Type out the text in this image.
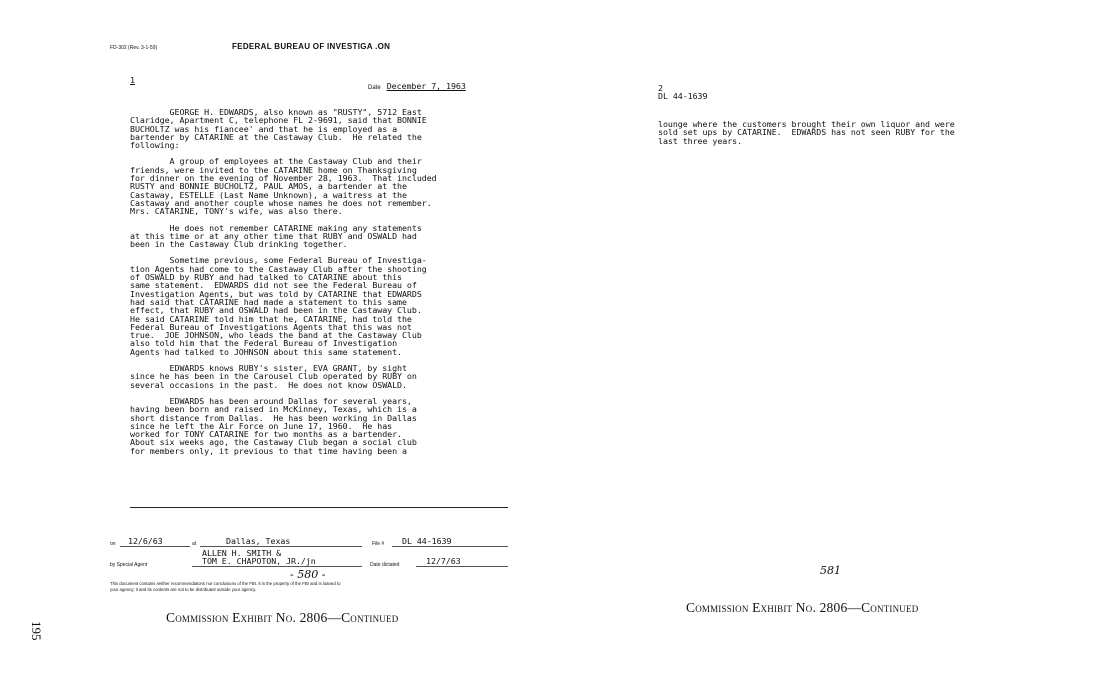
FD-302 (Rev. 3-1-59)	FEDERAL BUREAU OF INVESTIGA .ON
1
Date December 7, 1963
GEORGE H. EDWARDS, also known as "RUSTY", 5712 East
Claridge, Apartment C, telephone FL 2-9691, said that BONNIE
BUCHOLTZ was his fiancee' and that he is employed as a
bartender by CATARINE at the Castaway Club.  He related the
following:
A group of employees at the Castaway Club and their
friends, were invited to the CATARINE home on Thanksgiving
for dinner on the evening of November 28, 1963.  That included
RUSTY and BONNIE BUCHOLTZ, PAUL AMOS, a bartender at the
Castaway, ESTELLE (Last Name Unknown), a waitress at the
Castaway and another couple whose names he does not remember.
Mrs. CATARINE, TONY's wife, was also there.
He does not remember CATARINE making any statements
at this time or at any other time that RUBY and OSWALD had
been in the Castaway Club drinking together.
Sometime previous, some Federal Bureau of Investiga-
tion Agents had come to the Castaway Club after the shooting
of OSWALD by RUBY and had talked to CATARINE about this
same statement.  EDWARDS did not see the Federal Bureau of
Investigation Agents, but was told by CATARINE that EDWARDS
had said that CATARINE had made a statement to this same
effect, that RUBY and OSWALD had been in the Castaway Club.
He said CATARINE told him that he, CATARINE, had told the
Federal Bureau of Investigations Agents that this was not
true.  JOE JOHNSON, who leads the band at the Castaway Club
also told him that the Federal Bureau of Investigation
Agents had talked to JOHNSON about this same statement.
EDWARDS knows RUBY's sister, EVA GRANT, by sight
since he has been in the Carousel Club operated by RUBY on
several occasions in the past.  He does not know OSWALD.
EDWARDS has been around Dallas for several years,
having been born and raised in McKinney, Texas, which is a
short distance from Dallas.  He has been working in Dallas
since he left the Air Force on June 17, 1960.  He has
worked for TONY CATARINE for two months as a bartender.
About six weeks ago, the Castaway Club began a social club
for members only, it previous to that time having been a
on 12/6/63	at	Dallas, Texas	File # DL 44-1639
ALLEN H. SMITH &
by Special Agent	TOM E. CHAPOTON, JR./jn	Date dictated	12/7/63
- 580 -
This document contains neither recommendations nor conclusions of the FBI. It is the property of the FBI and is loaned to
your agency; it and its contents are not to be distributed outside your agency.
Commission Exhibit No. 2806—Continued
195
2
DL 44-1639
lounge where the customers brought their own liquor and were
sold set ups by CATARINE.  EDWARDS has not seen RUBY for the
last three years.
581
Commission Exhibit No. 2806—Continued
